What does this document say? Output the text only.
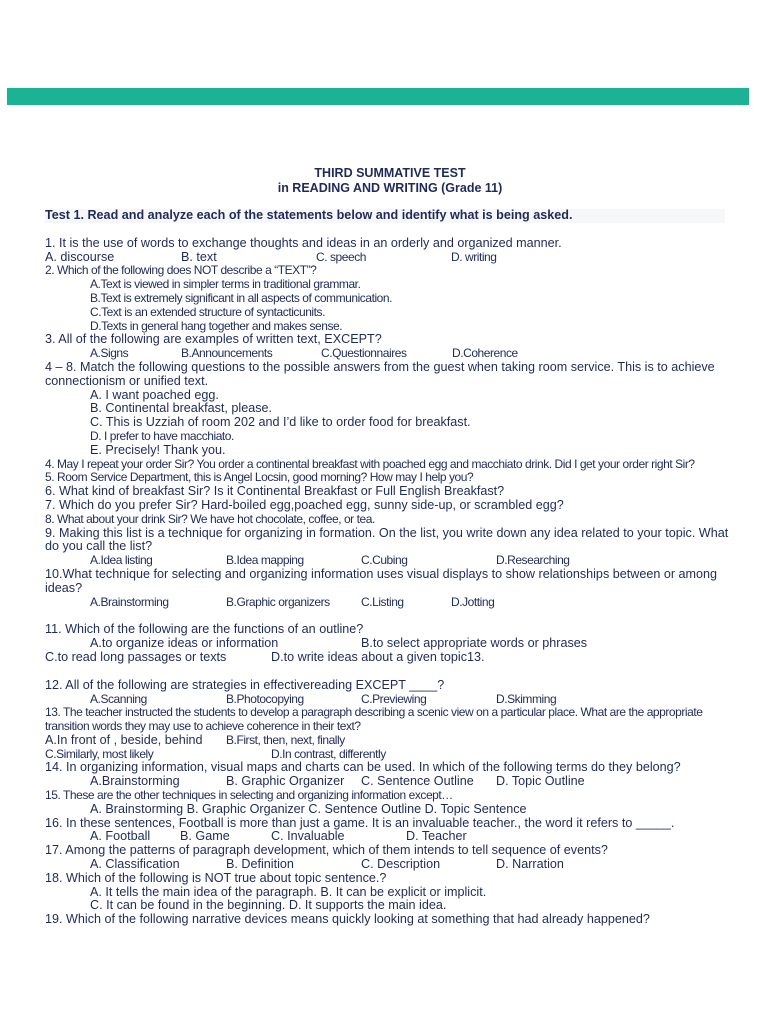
THIRD SUMMATIVE TEST
in READING AND WRITING (Grade 11)
Test 1. Read and analyze each of the statements below and identify what is being asked.
1. It is the use of words to exchange thoughts and ideas in an orderly and organized manner.
A. discourse	B. text	C. speech	D. writing
2. Which of the following does NOT describe a “TEXT”?
A.Text is viewed in simpler terms in traditional grammar.
B.Text is extremely significant in all aspects of communication.
C.Text is an extended structure of syntacticunits.
D.Texts in general hang together and makes sense.
3. All of the following are examples of written text, EXCEPT?
A.Signs	B.Announcements	C.Questionnaires	D.Coherence
4 – 8. Match the following questions to the possible answers from the guest when taking room service. This is to achieve connectionism or unified text.
A. I want poached egg.
B. Continental breakfast, please.
C. This is Uzziah of room 202 and I’d like to order food for breakfast.
D. I prefer to have macchiato.
E. Precisely! Thank you.
4. May I repeat your order Sir? You order a continental breakfast with poached egg and macchiato drink. Did I get your order right Sir?
5. Room Service Department, this is Angel Locsin, good morning? How may I help you?
6. What kind of breakfast Sir? Is it Continental Breakfast or Full English Breakfast?
7. Which do you prefer Sir? Hard-boiled egg,poached egg, sunny side-up, or scrambled egg?
8. What about your drink Sir? We have hot chocolate, coffee, or tea.
9. Making this list is a technique for organizing in formation. On the list, you write down any idea related to your topic. What do you call the list?
A.Idea listing	B.Idea mapping	C.Cubing	D.Researching
10.What technique for selecting and organizing information uses visual displays to show relationships between or among ideas?
A.Brainstorming	B.Graphic organizers	C.Listing	D.Jotting
11. Which of the following are the functions of an outline?
A.to organize ideas or information	B.to select appropriate words or phrases
C.to read long passages or texts	D.to write ideas about a given topic13.
12. All of the following are strategies in effectivereading EXCEPT ____?
A.Scanning	B.Photocopying	C.Previewing	D.Skimming
13. The teacher instructed the students to develop a paragraph describing a scenic view on a particular place. What are the appropriate transition words they may use to achieve coherence in their text?
A.In front of , beside, behind	B.First, then, next, finally
C.Similarly, most likely	D.In contrast, differently
14. In organizing information, visual maps and charts can be used. In which of the following terms do they belong?
A.Brainstorming	B. Graphic Organizer	C. Sentence Outline	D. Topic Outline
15. These are the other techniques in selecting and organizing information except…
A. Brainstorming B. Graphic Organizer C. Sentence Outline D. Topic Sentence
16. In these sentences, Football is more than just a game. It is an invaluable teacher., the word it refers to _____.
A. Football	B. Game	C. Invaluable	D. Teacher
17. Among the patterns of paragraph development, which of them intends to tell sequence of events?
A. Classification	B. Definition	C. Description	D. Narration
18. Which of the following is NOT true about topic sentence.?
A. It tells the main idea of the paragraph. B. It can be explicit or implicit.
C. It can be found in the beginning. D. It supports the main idea.
19. Which of the following narrative devices means quickly looking at something that had already happened?
